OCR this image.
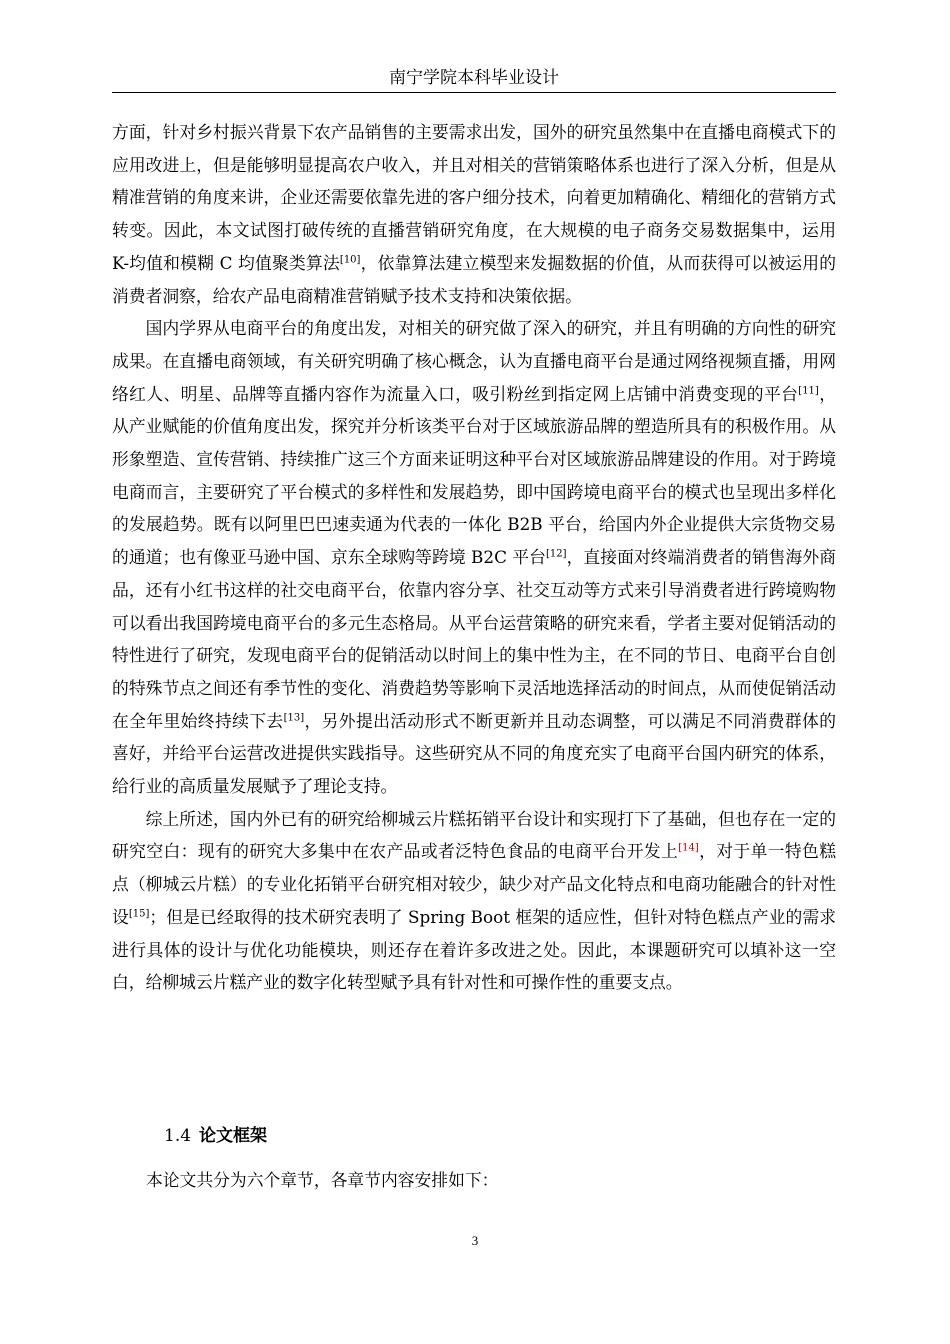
南宁学院本科毕业设计

方面，针对乡村振兴背景下农产品销售的主要需求出发，国外的研究虽然集中在直播电商模式下的应用改进上，但是能够明显提高农户收入，并且对相关的营销策略体系也进行了深入分析，但是从精准营销的角度来讲，企业还需要依靠先进的客户细分技术，向着更加精确化、精细化的营销方式转变。因此，本文试图打破传统的直播营销研究角度，在大规模的电子商务交易数据集中，运用 K-均值和模糊 C 均值聚类算法[10]，依靠算法建立模型来发掘数据的价值，从而获得可以被运用的消费者洞察，给农产品电商精准营销赋予技术支持和决策依据。

国内学界从电商平台的角度出发，对相关的研究做了深入的研究，并且有明确的方向性的研究成果。在直播电商领域，有关研究明确了核心概念，认为直播电商平台是通过网络视频直播，用网络红人、明星、品牌等直播内容作为流量入口，吸引粉丝到指定网上店铺中消费变现的平台[11]，从产业赋能的价值角度出发，探究并分析该类平台对于区域旅游品牌的塑造所具有的积极作用。从形象塑造、宣传营销、持续推广这三个方面来证明这种平台对区域旅游品牌建设的作用。对于跨境电商而言，主要研究了平台模式的多样性和发展趋势，即中国跨境电商平台的模式也呈现出多样化的发展趋势。既有以阿里巴巴速卖通为代表的一体化 B2B 平台，给国内外企业提供大宗货物交易的通道；也有像亚马逊中国、京东全球购等跨境 B2C 平台[12]，直接面对终端消费者的销售海外商品，还有小红书这样的社交电商平台，依靠内容分享、社交互动等方式来引导消费者进行跨境购物可以看出我国跨境电商平台的多元生态格局。从平台运营策略的研究来看，学者主要对促销活动的特性进行了研究，发现电商平台的促销活动以时间上的集中性为主，在不同的节日、电商平台自创的特殊节点之间还有季节性的变化、消费趋势等影响下灵活地选择活动的时间点，从而使促销活动在全年里始终持续下去[13]，另外提出活动形式不断更新并且动态调整，可以满足不同消费群体的喜好，并给平台运营改进提供实践指导。这些研究从不同的角度充实了电商平台国内研究的体系，给行业的高质量发展赋予了理论支持。

综上所述，国内外已有的研究给柳城云片糕拓销平台设计和实现打下了基础，但也存在一定的研究空白：现有的研究大多集中在农产品或者泛特色食品的电商平台开发上[14]，对于单一特色糕点（柳城云片糕）的专业化拓销平台研究相对较少，缺少对产品文化特点和电商功能融合的针对性设[15]；但是已经取得的技术研究表明了 Spring Boot 框架的适应性，但针对特色糕点产业的需求进行具体的设计与优化功能模块，则还存在着许多改进之处。因此，本课题研究可以填补这一空白，给柳城云片糕产业的数字化转型赋予具有针对性和可操作性的重要支点。

1.4 论文框架
本论文共分为六个章节，各章节内容安排如下：
3
